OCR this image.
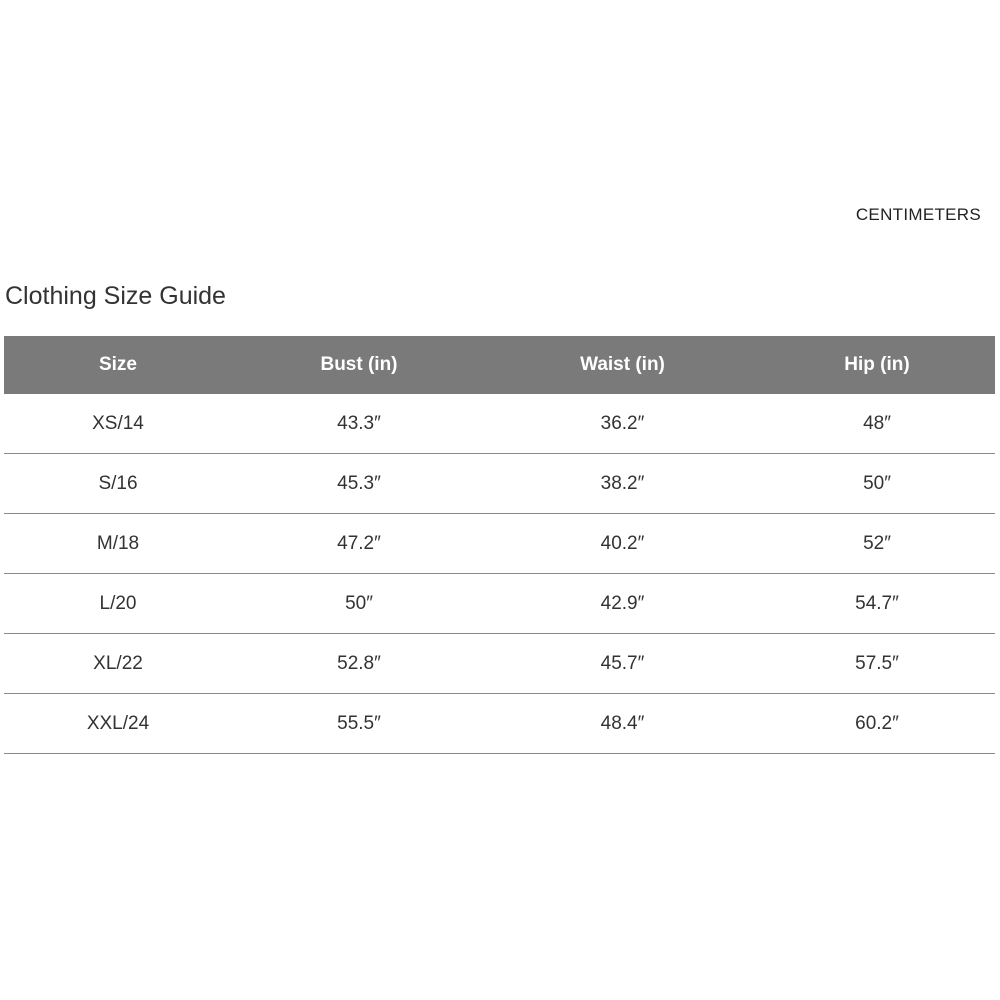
CENTIMETERS
Clothing Size Guide
Size	Bust (in)	Waist (in)	Hip (in)
XS/14	43.3″	36.2″	48″
S/16	45.3″	38.2″	50″
M/18	47.2″	40.2″	52″
L/20	50″	42.9″	54.7″
XL/22	52.8″	45.7″	57.5″
XXL/24	55.5″	48.4″	60.2″
